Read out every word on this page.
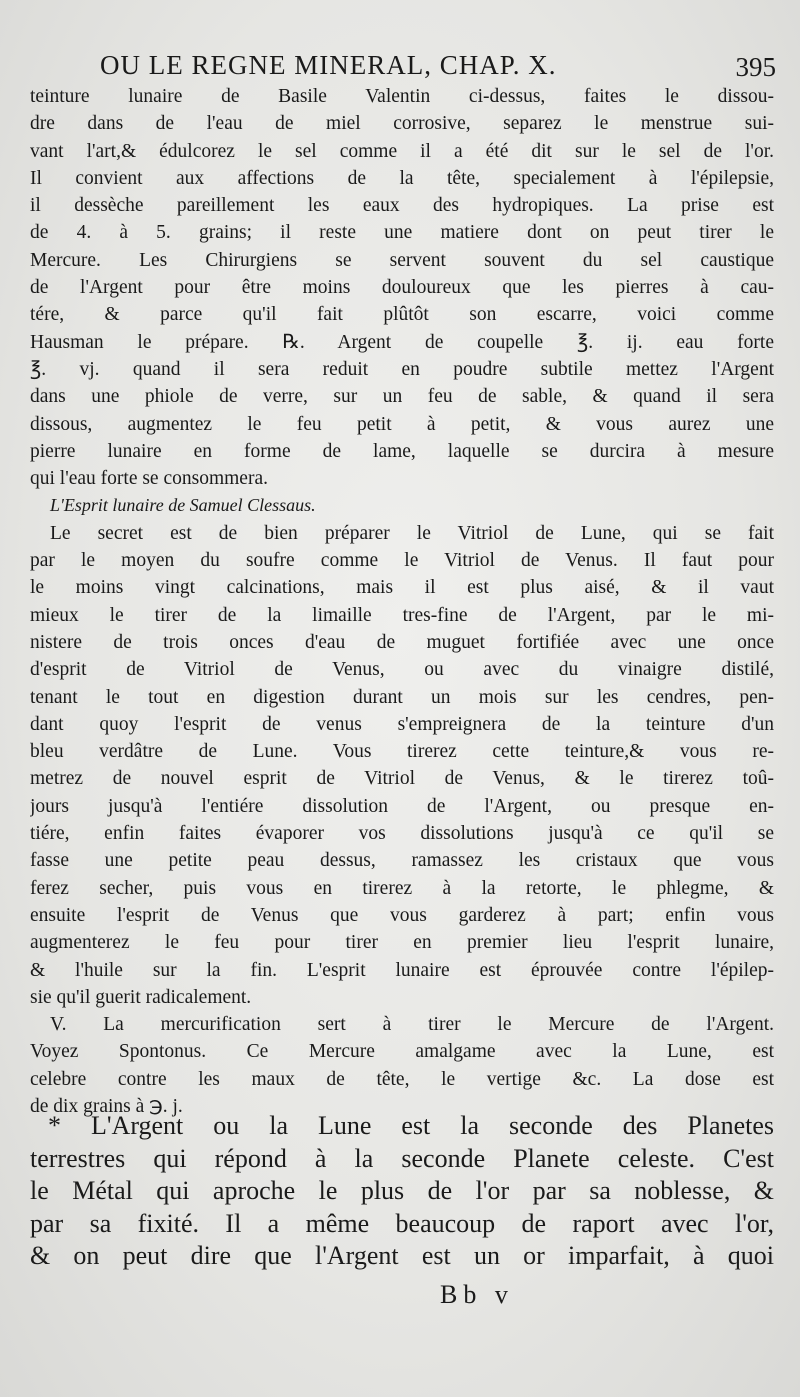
OU LE REGNE MINERAL, CHAP. X.	395
teinture lunaire de Basile Valentin ci-dessus, faites le dissou-
dre dans de l'eau de miel corrosive, separez le menstrue sui-
vant l'art,& édulcorez le sel comme il a été dit sur le sel de l'or.
Il convient aux affections de la tête, specialement à l'épilepsie,
il dessèche pareillement les eaux des hydropiques. La prise est
de 4. à 5. grains; il reste une matiere dont on peut tirer le
Mercure. Les Chirurgiens se servent souvent du sel caustique
de l'Argent pour être moins douloureux que les pierres à cau-
tére, & parce qu'il fait plûtôt son escarre, voici comme
Hausman le prépare. ℞. Argent de coupelle ℥. ij. eau forte
℥. vj. quand il sera reduit en poudre subtile mettez l'Argent
dans une phiole de verre, sur un feu de sable, & quand il sera
dissous, augmentez le feu petit à petit, & vous aurez une
pierre lunaire en forme de lame, laquelle se durcira à mesure
qui l'eau forte se consommera.
L'Esprit lunaire de Samuel Clessaus.
Le secret est de bien préparer le Vitriol de Lune, qui se fait
par le moyen du soufre comme le Vitriol de Venus. Il faut pour
le moins vingt calcinations, mais il est plus aisé, & il vaut
mieux le tirer de la limaille tres-fine de l'Argent, par le mi-
nistere de trois onces d'eau de muguet fortifiée avec une once
d'esprit de Vitriol de Venus, ou avec du vinaigre distilé,
tenant le tout en digestion durant un mois sur les cendres, pen-
dant quoy l'esprit de venus s'empreignera de la teinture d'un
bleu verdâtre de Lune. Vous tirerez cette teinture,& vous re-
metrez de nouvel esprit de Vitriol de Venus, & le tirerez toû-
jours jusqu'à l'entiére dissolution de l'Argent, ou presque en-
tiére, enfin faites évaporer vos dissolutions jusqu'à ce qu'il se
fasse une petite peau dessus, ramassez les cristaux que vous
ferez secher, puis vous en tirerez à la retorte, le phlegme, &
ensuite l'esprit de Venus que vous garderez à part; enfin vous
augmenterez le feu pour tirer en premier lieu l'esprit lunaire,
& l'huile sur la fin. L'esprit lunaire est éprouvée contre l'épilep-
sie qu'il guerit radicalement.
V. La mercurification sert à tirer le Mercure de l'Argent.
Voyez Spontonus. Ce Mercure amalgame avec la Lune, est
celebre contre les maux de tête, le vertige &c. La dose est
de dix grains à ℈. j.
* L'Argent ou la Lune est la seconde des Planetes
terrestres qui répond à la seconde Planete celeste. C'est
le Métal qui aproche le plus de l'or par sa noblesse, &
par sa fixité. Il a même beaucoup de raport avec l'or,
& on peut dire que l'Argent est un or imparfait, à quoi
Bb v
